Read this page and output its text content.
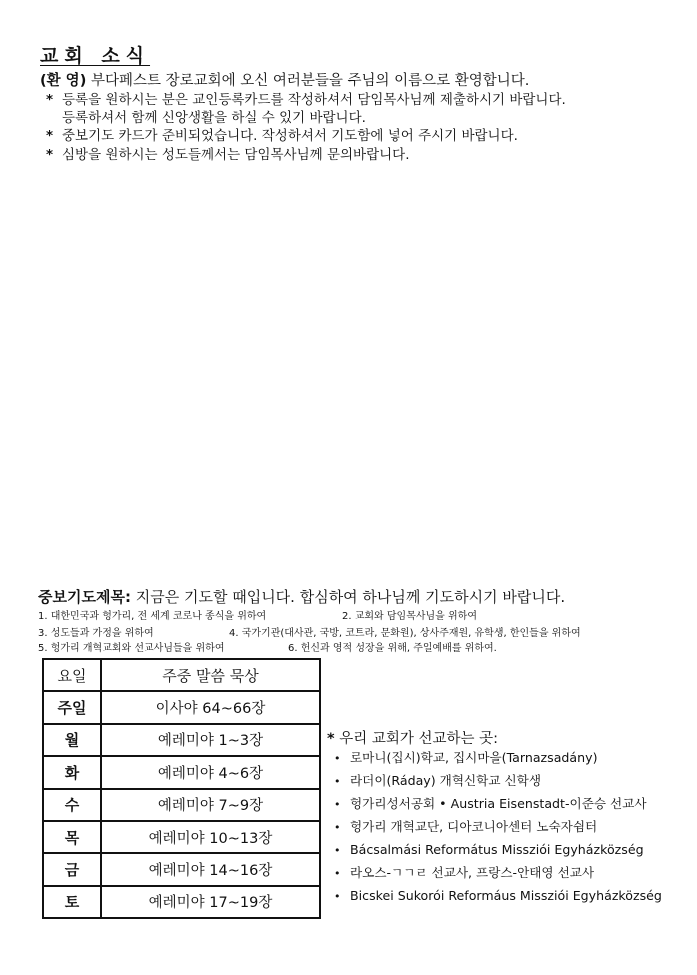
교회 소식
(환 영) 부다페스트 장로교회에 오신 여러분들을 주님의 이름으로 환영합니다.
* 등록을 원하시는 분은 교인등록카드를 작성하셔서 담임목사님께 제출하시기 바랍니다.
등록하셔서 함께 신앙생활을 하실 수 있기 바랍니다.
* 중보기도 카드가 준비되었습니다. 작성하셔서 기도함에 넣어 주시기 바랍니다.
* 심방을 원하시는 성도들께서는 담임목사님께 문의바랍니다.
중보기도제목: 지금은 기도할 때입니다. 합심하여 하나님께 기도하시기 바랍니다.
1. 대한민국과 헝가리, 전 세계 코로나 종식을 위하여	2. 교회와 담임목사님을 위하여
3. 성도들과 가정을 위하여	4. 국가기관(대사관, 국방, 코트라, 문화원), 상사주재원, 유학생, 한인들을 위하여
5. 헝가리 개혁교회와 선교사님들을 위하여	6. 헌신과 영적 성장을 위해, 주일예배를 위하여.
요일	주중 말씀 묵상
주일	이사야 64~66장
월	예레미야 1~3장
화	예레미야 4~6장
수	예레미야 7~9장
목	예레미야 10~13장
금	예레미야 14~16장
토	예레미야 17~19장
* 우리 교회가 선교하는 곳:
• 로마니(집시)학교, 집시마을(Tarnazsadány)
• 라더이(Ráday) 개혁신학교 신학생
• 헝가리성서공회 • Austria Eisenstadt-이준승 선교사
• 헝가리 개혁교단, 디아코니아센터 노숙자쉼터
• Bácsalmási Református Missziói Egyházközség
• 라오스-ㄱㄱㄹ 선교사, 프랑스-안태영 선교사
• Bicskei Sukorói Reformáus Missziói Egyházközség
